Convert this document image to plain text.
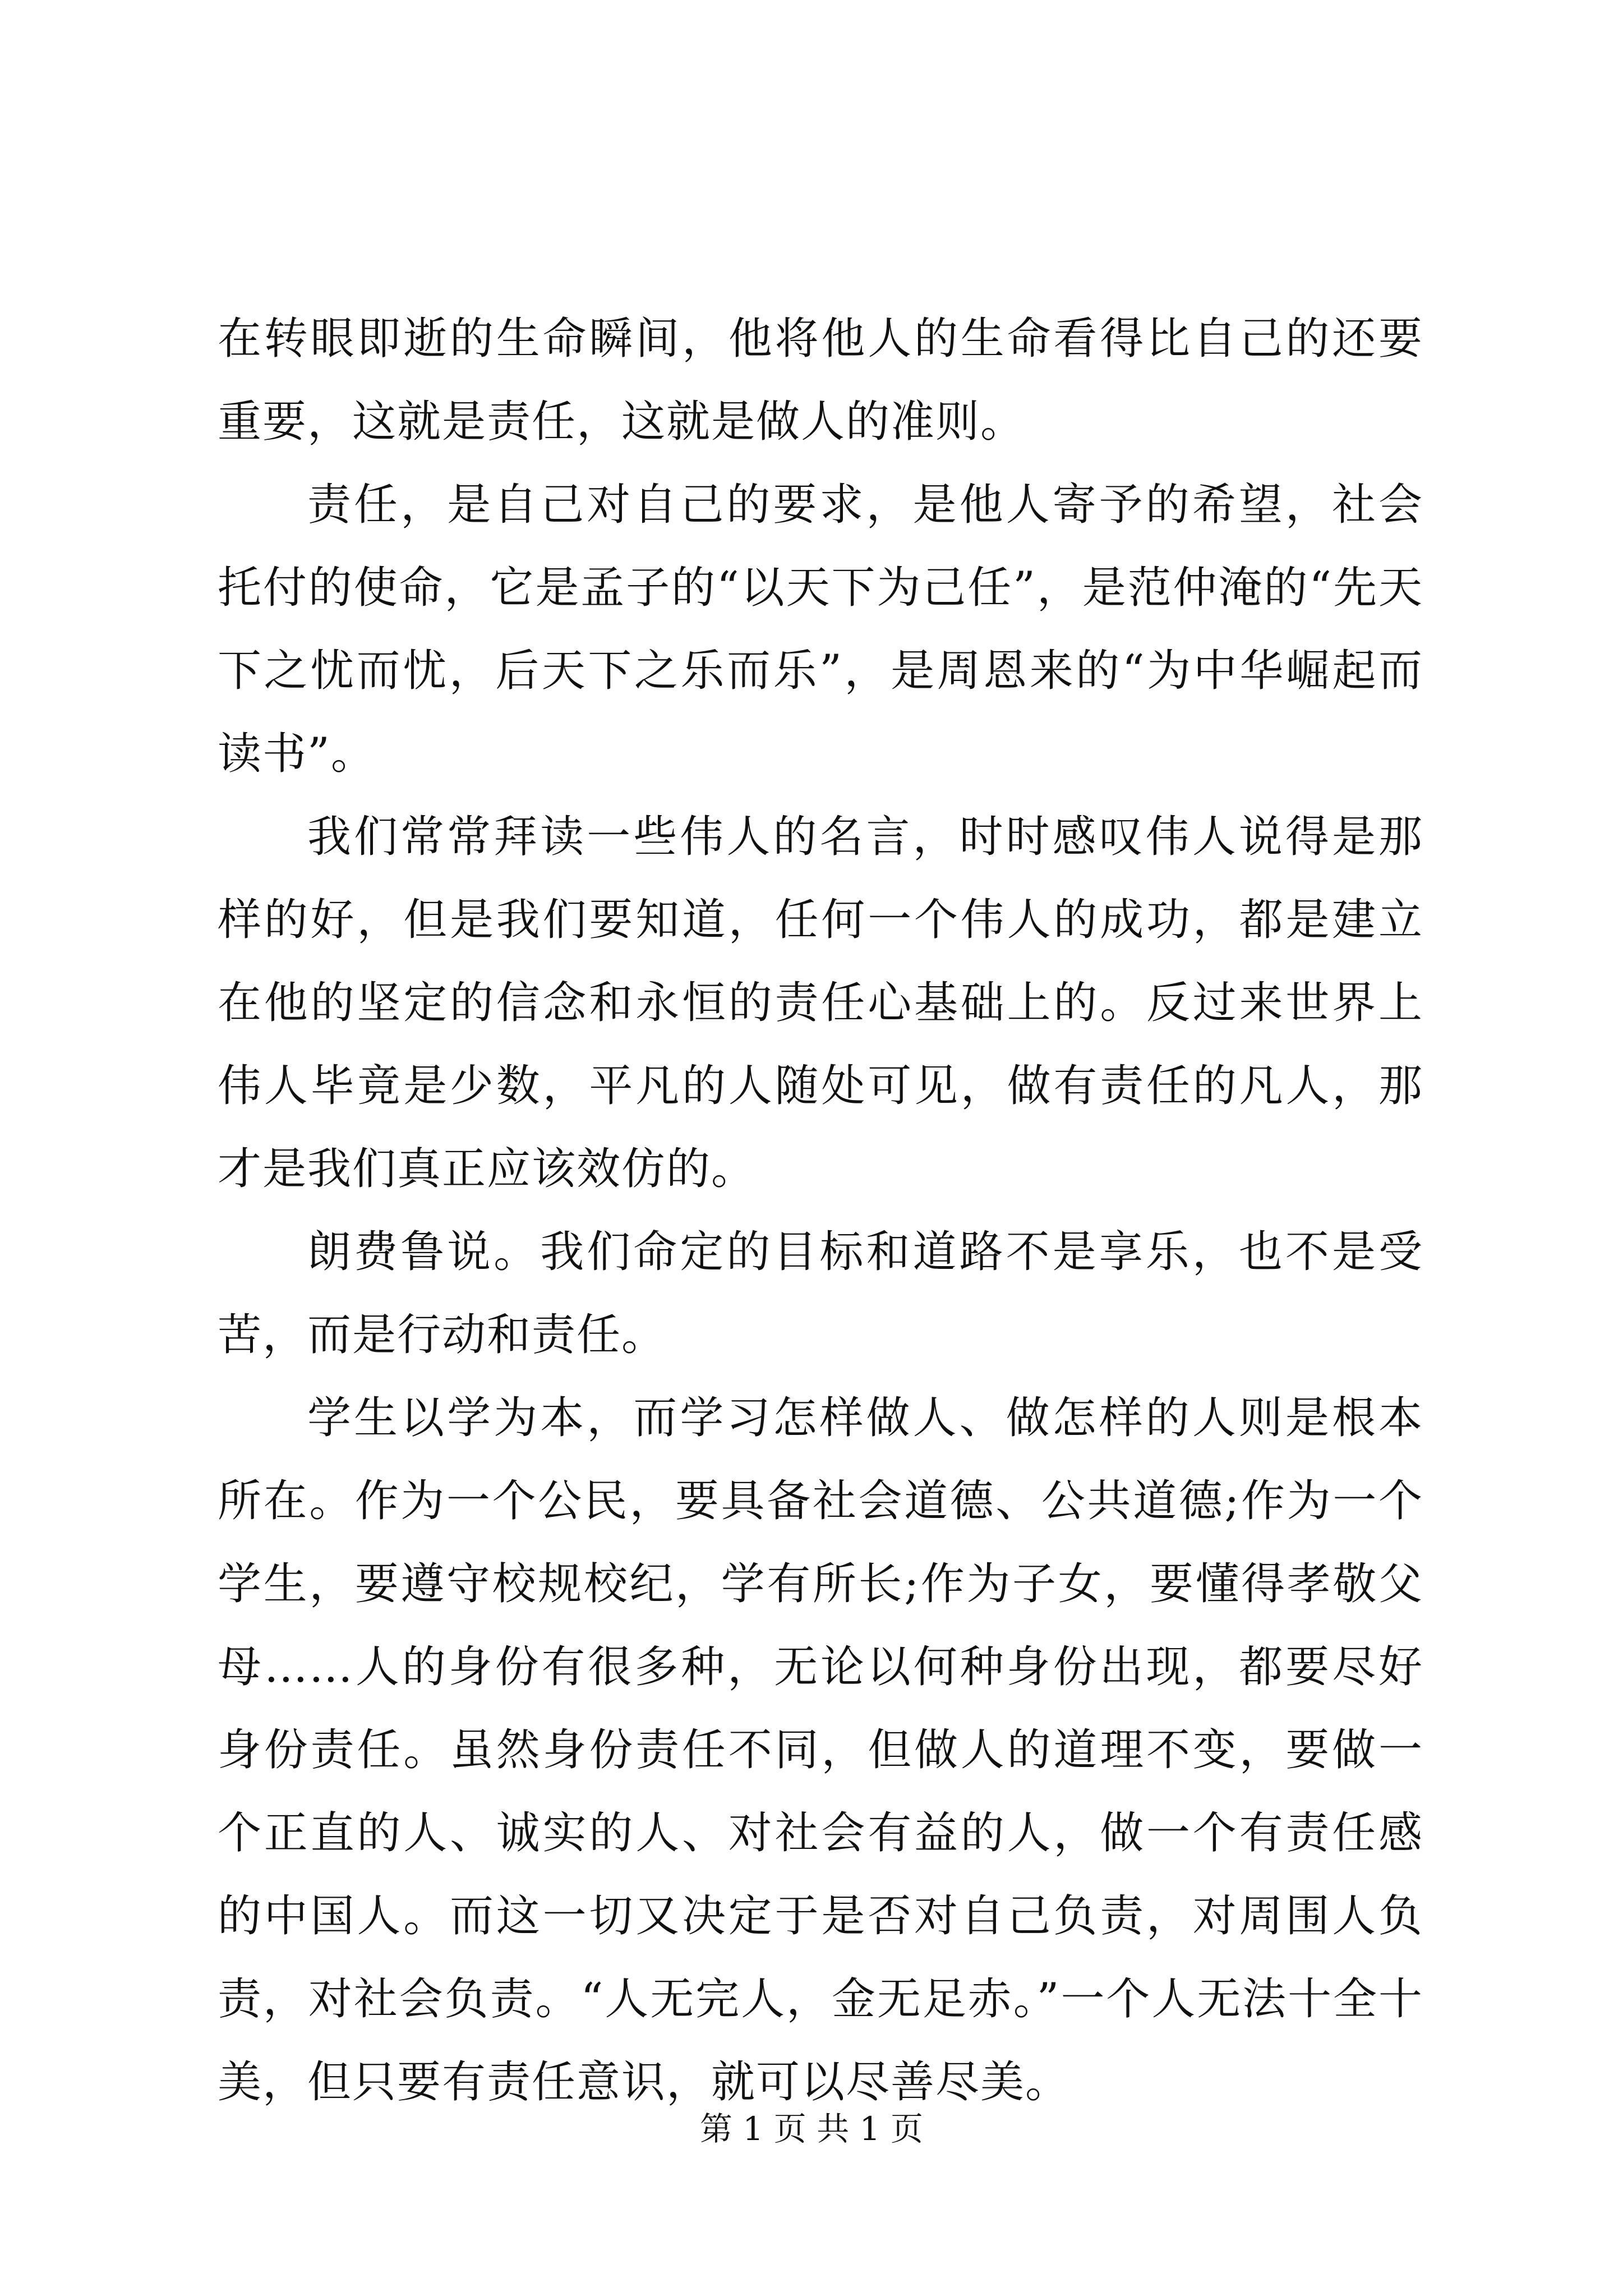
在转眼即逝的生命瞬间，他将他人的生命看得比自己的还要重要，这就是责任，这就是做人的准则。

责任，是自己对自己的要求，是他人寄予的希望，社会托付的使命，它是孟子的“以天下为己任”，是范仲淹的“先天下之忧而忧，后天下之乐而乐”，是周恩来的“为中华崛起而读书”。

我们常常拜读一些伟人的名言，时时感叹伟人说得是那样的好，但是我们要知道，任何一个伟人的成功，都是建立在他的坚定的信念和永恒的责任心基础上的。反过来世界上伟人毕竟是少数，平凡的人随处可见，做有责任的凡人，那才是我们真正应该效仿的。

朗费鲁说。我们命定的目标和道路不是享乐，也不是受苦，而是行动和责任。

学生以学为本，而学习怎样做人、做怎样的人则是根本所在。作为一个公民，要具备社会道德、公共道德;作为一个学生，要遵守校规校纪，学有所长;作为子女，要懂得孝敬父母……人的身份有很多种，无论以何种身份出现，都要尽好身份责任。虽然身份责任不同，但做人的道理不变，要做一个正直的人、诚实的人、对社会有益的人，做一个有责任感的中国人。而这一切又决定于是否对自己负责，对周围人负责，对社会负责。“人无完人，金无足赤。”一个人无法十全十美，但只要有责任意识，就可以尽善尽美。

第 1 页 共 1 页
